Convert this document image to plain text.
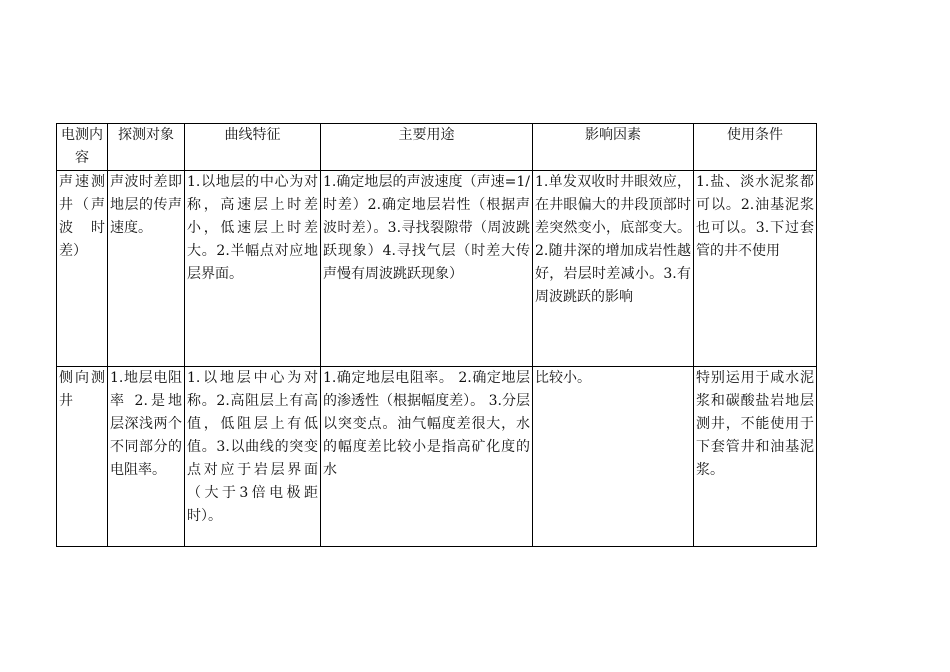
电测内容	探测对象	曲线特征	主要用途	影响因素	使用条件
声速测井（声波时差）	声波时差即地层的传声速度。	1.以地层的中心为对称，高速层上时差小，低速层上时差大。2.半幅点对应地层界面。	1.确定地层的声波速度（声速=1/时差）2.确定地层岩性（根据声波时差）。3.寻找裂隙带（周波跳跃现象）4.寻找气层（时差大传声慢有周波跳跃现象）	1.单发双收时井眼效应，在井眼偏大的井段顶部时差突然变小，底部变大。2.随井深的增加成岩性越好，岩层时差减小。3.有周波跳跃的影响	1.盐、淡水泥浆都可以。2.油基泥浆也可以。3.下过套管的井不使用
侧向测井	1.地层电阻率 2.是地层深浅两个不同部分的电阻率。	1.以地层中心为对称。2.高阻层上有高值，低阻层上有低值。3.以曲线的突变点对应于岩层界面（大于3倍电极距时）。	1.确定地层电阻率。 2.确定地层的渗透性（根据幅度差）。 3.分层以突变点。油气幅度差很大，水的幅度差比较小是指高矿化度的水	比较小。	特别运用于咸水泥浆和碳酸盐岩地层测井，不能使用于下套管井和油基泥浆。
